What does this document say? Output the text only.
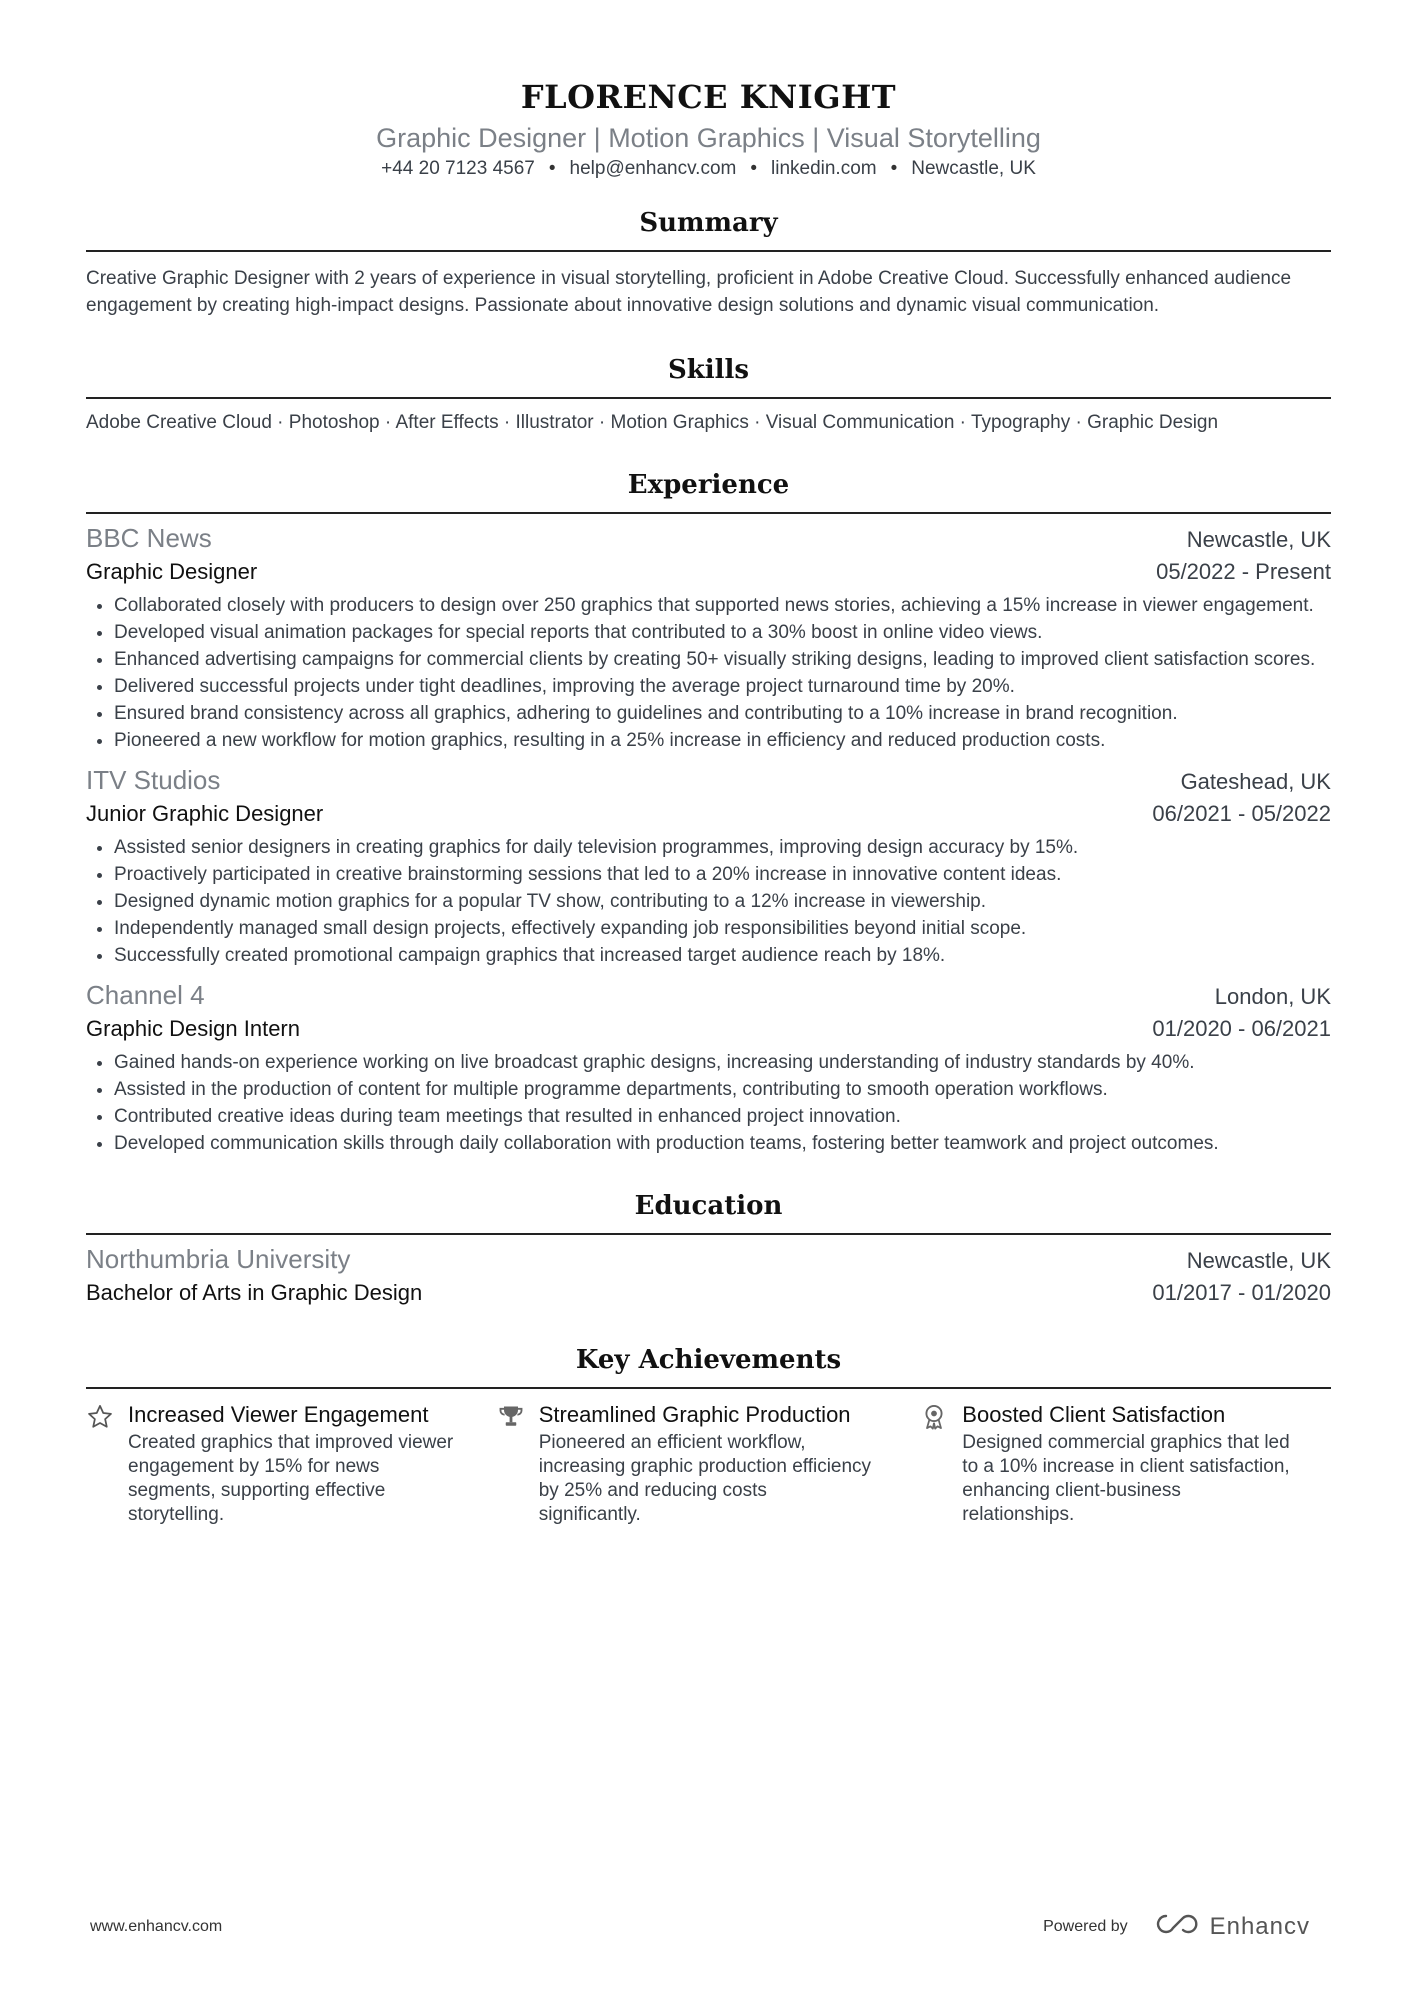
FLORENCE KNIGHT
Graphic Designer | Motion Graphics | Visual Storytelling
+44 20 7123 4567 • help@enhancv.com • linkedin.com • Newcastle, UK
Summary
Creative Graphic Designer with 2 years of experience in visual storytelling, proficient in Adobe Creative Cloud. Successfully enhanced audience engagement by creating high-impact designs. Passionate about innovative design solutions and dynamic visual communication.
Skills
Adobe Creative Cloud · Photoshop · After Effects · Illustrator · Motion Graphics · Visual Communication · Typography · Graphic Design
Experience
BBC News	Newcastle, UK
Graphic Designer	05/2022 - Present
• Collaborated closely with producers to design over 250 graphics that supported news stories, achieving a 15% increase in viewer engagement.
• Developed visual animation packages for special reports that contributed to a 30% boost in online video views.
• Enhanced advertising campaigns for commercial clients by creating 50+ visually striking designs, leading to improved client satisfaction scores.
• Delivered successful projects under tight deadlines, improving the average project turnaround time by 20%.
• Ensured brand consistency across all graphics, adhering to guidelines and contributing to a 10% increase in brand recognition.
• Pioneered a new workflow for motion graphics, resulting in a 25% increase in efficiency and reduced production costs.
ITV Studios	Gateshead, UK
Junior Graphic Designer	06/2021 - 05/2022
• Assisted senior designers in creating graphics for daily television programmes, improving design accuracy by 15%.
• Proactively participated in creative brainstorming sessions that led to a 20% increase in innovative content ideas.
• Designed dynamic motion graphics for a popular TV show, contributing to a 12% increase in viewership.
• Independently managed small design projects, effectively expanding job responsibilities beyond initial scope.
• Successfully created promotional campaign graphics that increased target audience reach by 18%.
Channel 4	London, UK
Graphic Design Intern	01/2020 - 06/2021
• Gained hands-on experience working on live broadcast graphic designs, increasing understanding of industry standards by 40%.
• Assisted in the production of content for multiple programme departments, contributing to smooth operation workflows.
• Contributed creative ideas during team meetings that resulted in enhanced project innovation.
• Developed communication skills through daily collaboration with production teams, fostering better teamwork and project outcomes.
Education
Northumbria University	Newcastle, UK
Bachelor of Arts in Graphic Design	01/2017 - 01/2020
Key Achievements
Increased Viewer Engagement
Created graphics that improved viewer engagement by 15% for news segments, supporting effective storytelling.
Streamlined Graphic Production
Pioneered an efficient workflow, increasing graphic production efficiency by 25% and reducing costs significantly.
Boosted Client Satisfaction
Designed commercial graphics that led to a 10% increase in client satisfaction, enhancing client-business relationships.
www.enhancv.com	Powered by	Enhancv
